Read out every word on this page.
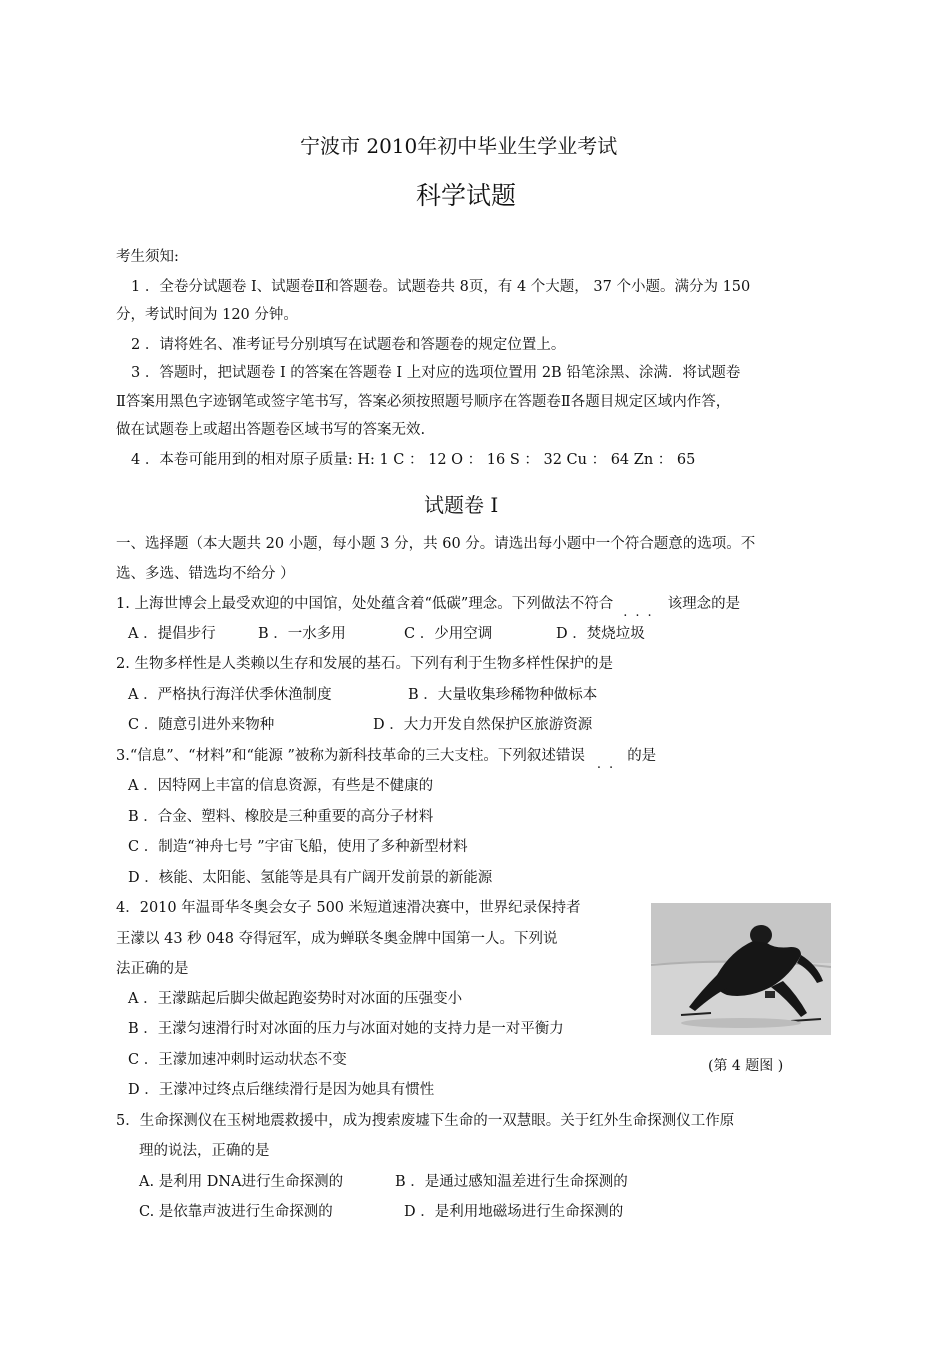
宁波市 2010年初中毕业生学业考试
科学试题
考生须知:
1 ．全卷分试题卷 Ⅰ、试题卷Ⅱ和答题卷。试题卷共 8页，有 4 个大题， 37 个小题。满分为 150
分，考试时间为 120 分钟。
2 ．请将姓名、准考证号分别填写在试题卷和答题卷的规定位置上。
3 ．答题时，把试题卷 Ⅰ 的答案在答题卷 Ⅰ 上对应的选项位置用 2B 铅笔涂黑、涂满．将试题卷
Ⅱ答案用黑色字迹钢笔或签字笔书写，答案必须按照题号顺序在答题卷Ⅱ各题目规定区域内作答，
做在试题卷上或超出答题卷区域书写的答案无效.
4 ．本卷可能用到的相对原子质量: H: 1 C ： 12 O ： 16 S ： 32 Cu ： 64 Zn ： 65
试题卷 Ⅰ
一、选择题（本大题共 20 小题，每小题 3 分，共 60 分。请选出每小题中一个符合题意的选项。不
选、多选、错选均不给分 ）
1. 上海世博会上最受欢迎的中国馆，处处蕴含着“低碳”理念。下列做法不符合...该理念的是
A ．提倡步行	B ．一水多用	C ．少用空调	D ．焚烧垃圾
2. 生物多样性是人类赖以生存和发展的基石。下列有利于生物多样性保护的是
A ．严格执行海洋伏季休渔制度	B ．大量收集珍稀物种做标本
C ．随意引进外来物种	D ．大力开发自然保护区旅游资源
3.“信息”、“材料”和“能源 ”被称为新科技革命的三大支柱。下列叙述错误..的是
A ．因特网上丰富的信息资源，有些是不健康的
B ．合金、塑料、橡胶是三种重要的高分子材料
C ．制造“神舟七号 ”宇宙飞船，使用了多种新型材料
D ．核能、太阳能、氢能等是具有广阔开发前景的新能源
4．2010 年温哥华冬奥会女子 500 米短道速滑决赛中，世界纪录保持者
王濛以 43 秒 048 夺得冠军，成为蝉联冬奥金牌中国第一人。下列说
法正确的是
A ．王濛踮起后脚尖做起跑姿势时对冰面的压强变小
B ．王濛匀速滑行时对冰面的压力与冰面对她的支持力是一对平衡力
C ．王濛加速冲刺时运动状态不变
D ．王濛冲过终点后继续滑行是因为她具有惯性
(第 4 题图 )
5．生命探测仪在玉树地震救援中，成为搜索废墟下生命的一双慧眼。关于红外生命探测仪工作原
理的说法，正确的是
A. 是利用 DNA进行生命探测的	B ．是通过感知温差进行生命探测的
C. 是依靠声波进行生命探测的	D ．是利用地磁场进行生命探测的
